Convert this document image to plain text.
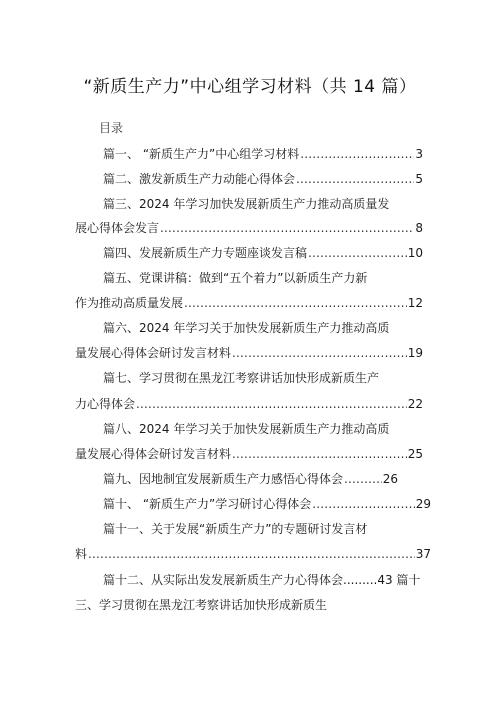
“新质生产力”中心组学习材料（共 14 篇）
目录
篇一、 “新质生产力”中心组学习材料 .....	3
篇二、激发新质生产力动能心得体会 .....	5
篇三、2024 年学习加快发展新质生产力推动高质量发
展心得体会发言 .....	8
篇四、发展新质生产力专题座谈发言稿 .....	10
篇五、党课讲稿：做到“五个着力”以新质生产力新
作为推动高质量发展 .....	12
篇六、2024 年学习关于加快发展新质生产力推动高质
量发展心得体会研讨发言材料 .....	19
篇七、学习贯彻在黑龙江考察讲话加快形成新质生产
力心得体会 .....	22
篇八、2024 年学习关于加快发展新质生产力推动高质
量发展心得体会研讨发言材料 .....	25
篇九、因地制宜发展新质生产力感悟心得体会 .....	26
篇十、 “新质生产力”学习研讨心得体会 .....	29
篇十一、关于发展“新质生产力”的专题研讨发言材
料 .....	37
篇十二、从实际出发发展新质生产力心得体会.........43 篇十
三、学习贯彻在黑龙江考察讲话加快形成新质生
